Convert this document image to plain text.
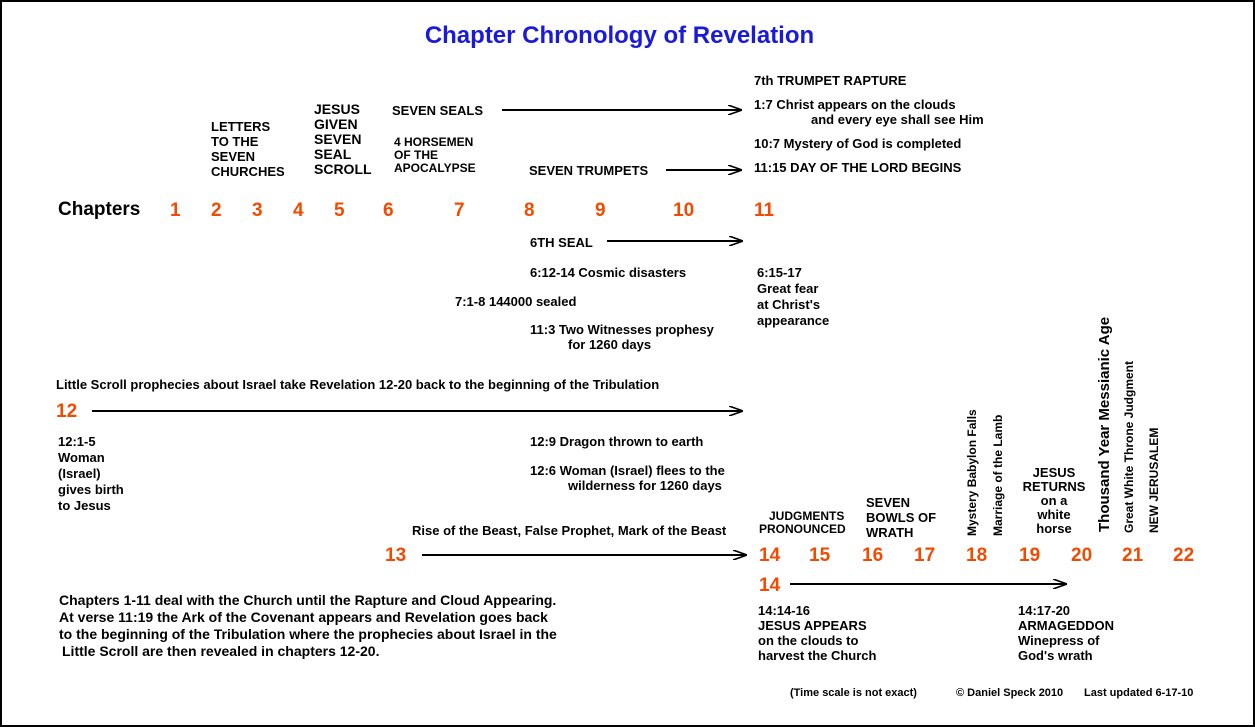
Chapter Chronology of Revelation
LETTERS
TO THE
SEVEN
CHURCHES
JESUS
GIVEN
SEVEN
SEAL
SCROLL
SEVEN SEALS
4 HORSEMEN
OF THE
APOCALYPSE	SEVEN TRUMPETS
7th TRUMPET RAPTURE
1:7 Christ appears on the clouds
and every eye shall see Him
10:7 Mystery of God is completed
11:15 DAY OF THE LORD BEGINS
Chapters 1 2 3 4 5 6	7	8	9	10	11
6TH SEAL
6:12-14 Cosmic disasters
7:1-8 144000 sealed
11:3 Two Witnesses prophesy
for 1260 days
6:15-17
Great fear
at Christ's
appearance
Little Scroll prophecies about Israel take Revelation 12-20 back to the beginning of the Tribulation
12
12:1-5
Woman
(Israel)
gives birth
to Jesus
12:9 Dragon thrown to earth
12:6 Woman (Israel) flees to the
wilderness for 1260 days
Rise of the Beast, False Prophet, Mark of the Beast
13
JUDGMENTS
PRONOUNCED
SEVEN
BOWLS OF
WRATH	Mystery Babylon Falls Marriage of the Lamb	Thousand Year Messianic Age Great White Throne Judgment NEW JERUSALEM
JESUS
RETURNS
on a
white
horse
14 15 16 17 18 19 20 21 22
14
14:14-16
JESUS APPEARS
on the clouds to
harvest the Church
14:17-20
ARMAGEDDON
Winepress of
God's wrath
Chapters 1-11 deal with the Church until the Rapture and Cloud Appearing.
At verse 11:19 the Ark of the Covenant appears and Revelation goes back
to the beginning of the Tribulation where the prophecies about Israel in the
Little Scroll are then revealed in chapters 12-20.
(Time scale is not exact)	© Daniel Speck 2010 Last updated 6-17-10
